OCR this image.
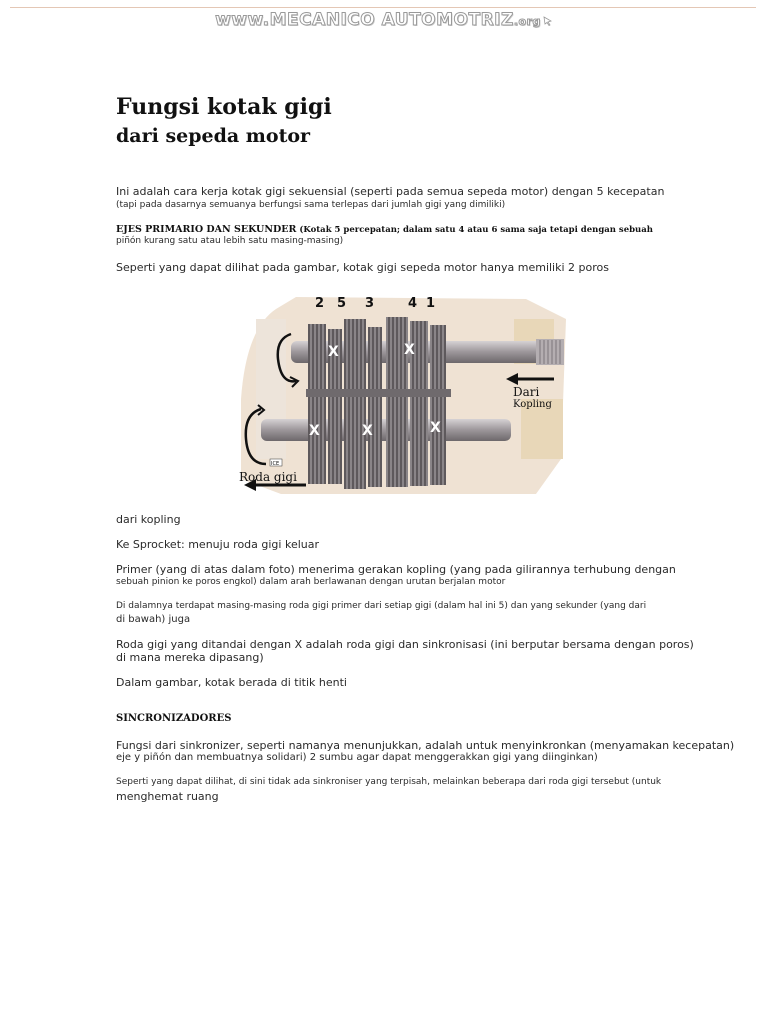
www.MECANICO AUTOMOTRIZ.org
Fungsi kotak gigi
dari sepeda motor
Ini adalah cara kerja kotak gigi sekuensial (seperti pada semua sepeda motor) dengan 5 kecepatan
(tapi pada dasarnya semuanya berfungsi sama terlepas dari jumlah gigi yang dimiliki)
EJES PRIMARIO DAN SEKUNDER (Kotak 5 percepatan; dalam satu 4 atau 6 sama saja tetapi dengan sebuah
piñón kurang satu atau lebih satu masing-masing)
Seperti yang dapat dilihat pada gambar, kotak gigi sepeda motor hanya memiliki 2 poros
X	X
X	X	X
ICE
2 5 3	4 1
Dari
Kopling
Roda gigi
dari kopling
Ke Sprocket: menuju roda gigi keluar
Primer (yang di atas dalam foto) menerima gerakan kopling (yang pada gilirannya terhubung dengan
sebuah pinion ke poros engkol) dalam arah berlawanan dengan urutan berjalan motor
Di dalamnya terdapat masing-masing roda gigi primer dari setiap gigi (dalam hal ini 5) dan yang sekunder (yang dari
di bawah) juga
Roda gigi yang ditandai dengan X adalah roda gigi dan sinkronisasi (ini berputar bersama dengan poros)
di mana mereka dipasang)
Dalam gambar, kotak berada di titik henti
SINCRONIZADORES
Fungsi dari sinkronizer, seperti namanya menunjukkan, adalah untuk menyinkronkan (menyamakan kecepatan)
eje y piñón dan membuatnya solidari) 2 sumbu agar dapat menggerakkan gigi yang diinginkan)
Seperti yang dapat dilihat, di sini tidak ada sinkroniser yang terpisah, melainkan beberapa dari roda gigi tersebut (untuk
menghemat ruang
